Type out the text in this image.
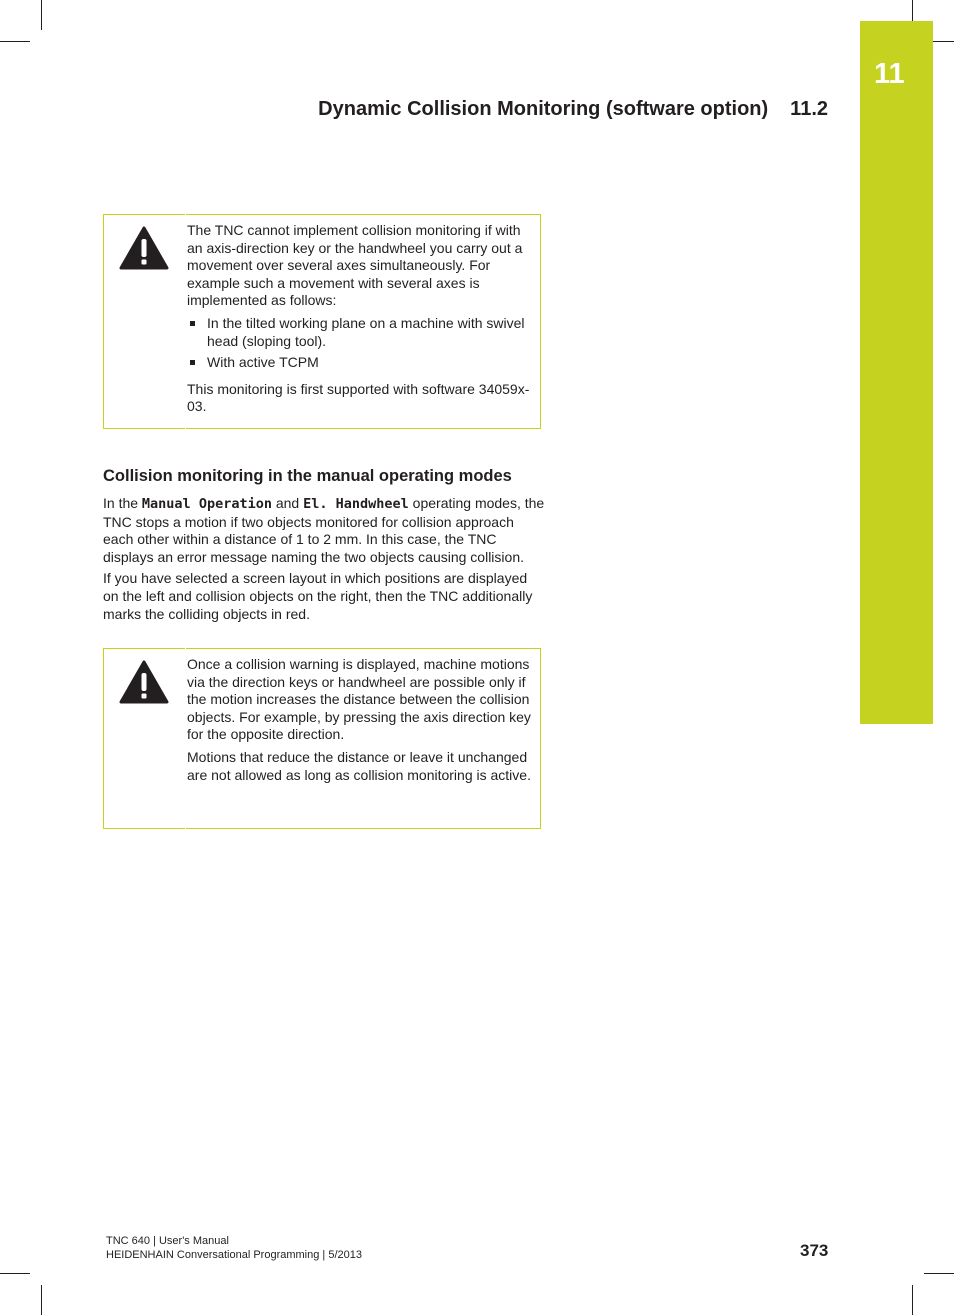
11
Dynamic Collision Monitoring (software option) 11.2

The TNC cannot implement collision monitoring if with an axis-direction key or the handwheel you carry out a movement over several axes simultaneously. For example such a movement with several axes is implemented as follows:

In the tilted working plane on a machine with swivel head (sloping tool).
With active TCPM

This monitoring is first supported with software 34059x-03.

Collision monitoring in the manual operating modes

In the Manual Operation and El. Handwheel operating modes, the TNC stops a motion if two objects monitored for collision approach each other within a distance of 1 to 2 mm. In this case, the TNC displays an error message naming the two objects causing collision.

If you have selected a screen layout in which positions are displayed on the left and collision objects on the right, then the TNC additionally marks the colliding objects in red.

Once a collision warning is displayed, machine motions via the direction keys or handwheel are possible only if the motion increases the distance between the collision objects. For example, by pressing the axis direction key for the opposite direction.

Motions that reduce the distance or leave it unchanged are not allowed as long as collision monitoring is active.

TNC 640 | User's Manual
HEIDENHAIN Conversational Programming | 5/2013	373
